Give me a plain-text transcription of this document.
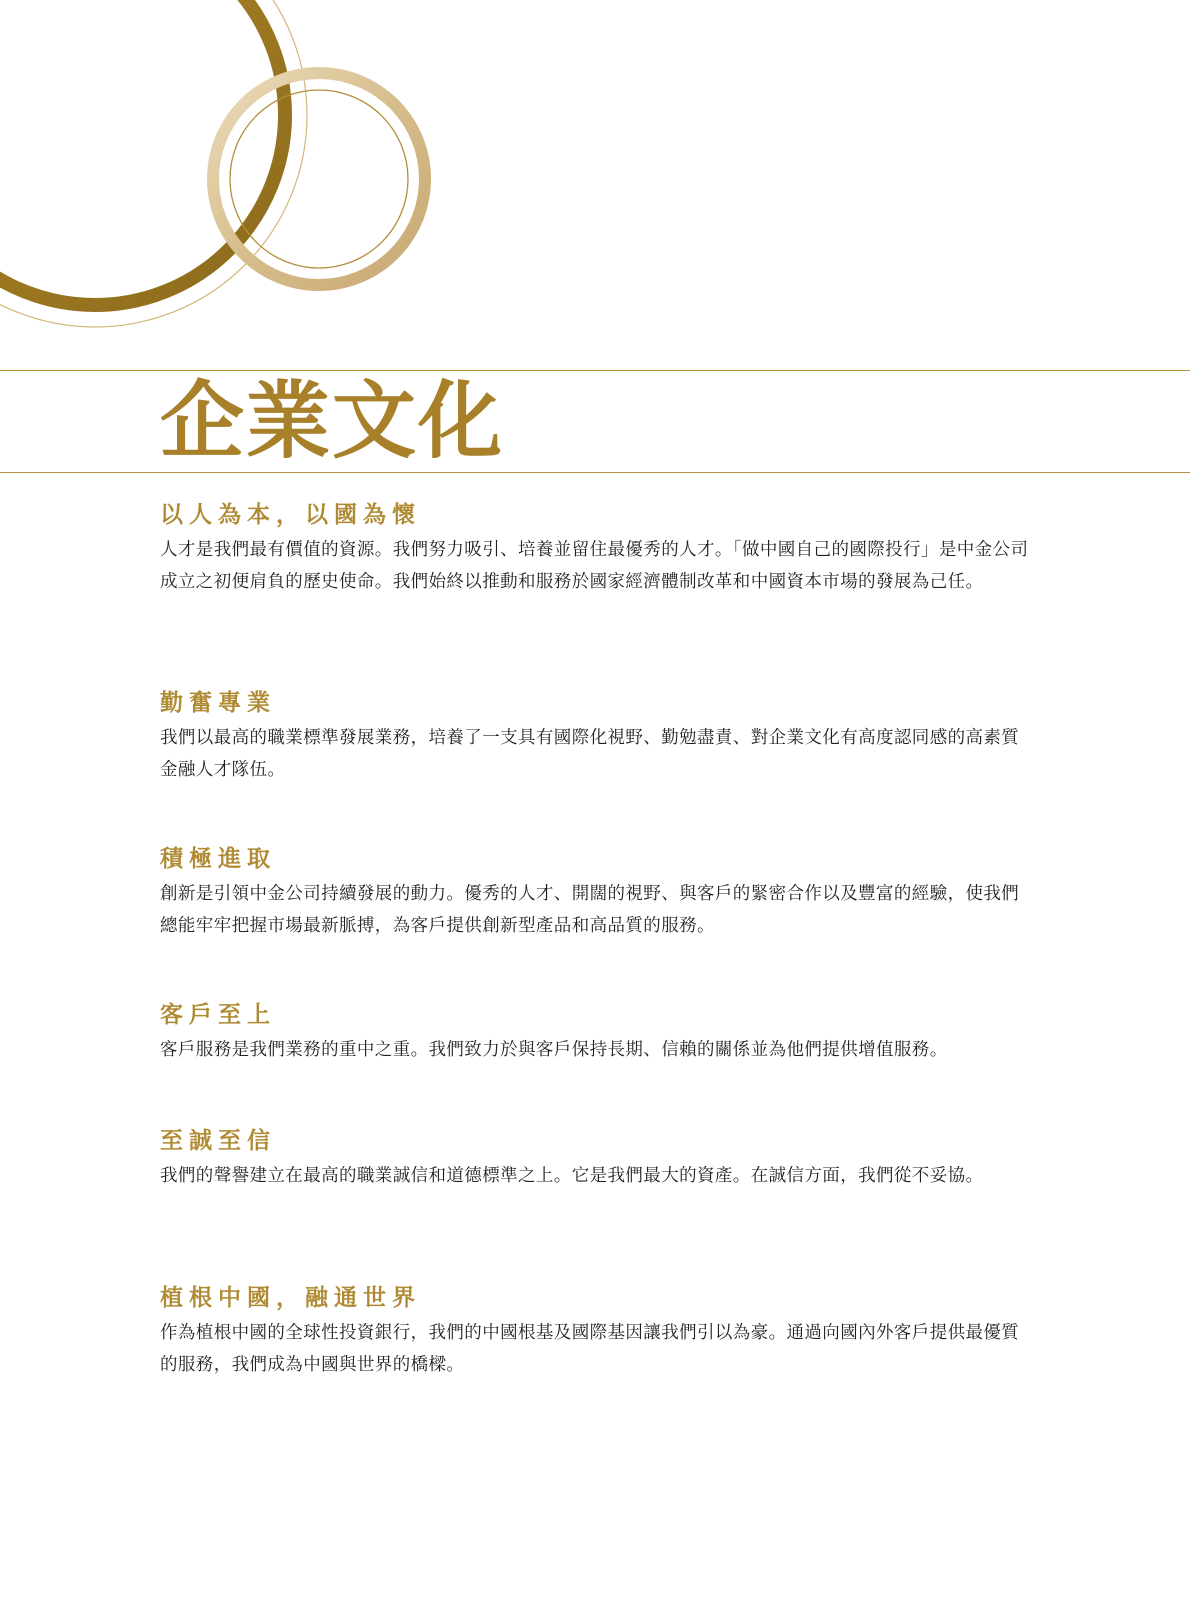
企業文化
以人為本，以國為懷

人才是我們最有價值的資源。我們努力吸引、培養並留住最優秀的人才。「做中國自己的國際投行」是中金公司成立之初便肩負的歷史使命。我們始終以推動和服務於國家經濟體制改革和中國資本市場的發展為己任。

勤奮專業

我們以最高的職業標準發展業務，培養了一支具有國際化視野、勤勉盡責、對企業文化有高度認同感的高素質金融人才隊伍。

積極進取

創新是引領中金公司持續發展的動力。優秀的人才、開闊的視野、與客戶的緊密合作以及豐富的經驗，使我們總能牢牢把握市場最新脈搏，為客戶提供創新型產品和高品質的服務。

客戶至上

客戶服務是我們業務的重中之重。我們致力於與客戶保持長期、信賴的關係並為他們提供增值服務。

至誠至信

我們的聲譽建立在最高的職業誠信和道德標準之上。它是我們最大的資產。在誠信方面，我們從不妥協。

植根中國，融通世界

作為植根中國的全球性投資銀行，我們的中國根基及國際基因讓我們引以為豪。通過向國內外客戶提供最優質的服務，我們成為中國與世界的橋樑。
